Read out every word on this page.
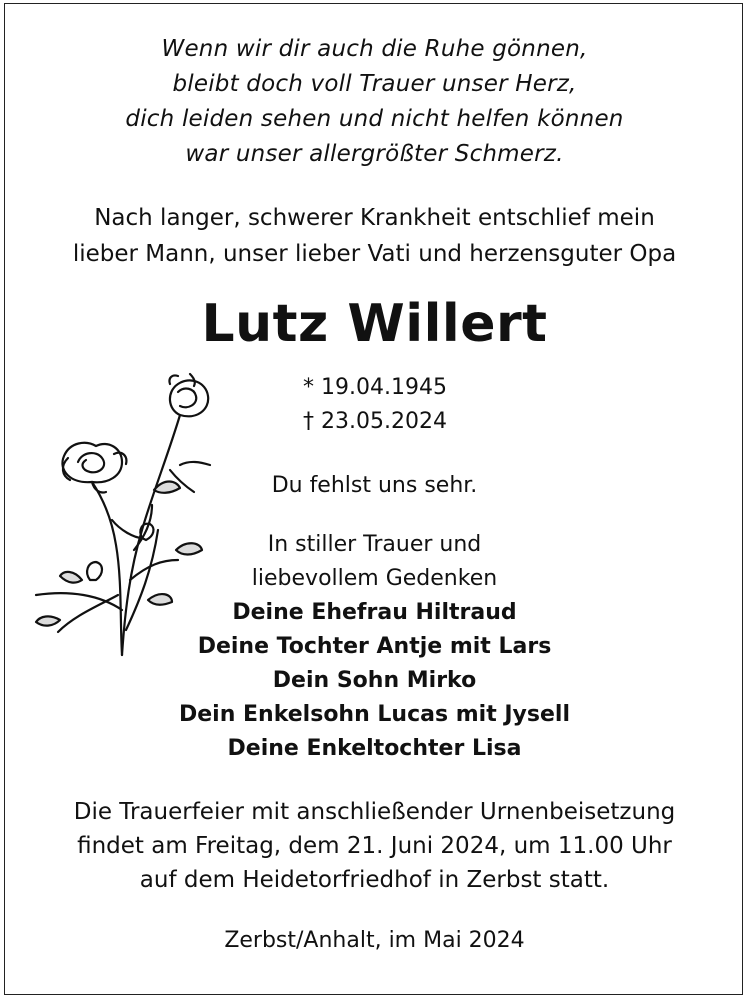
Wenn wir dir auch die Ruhe gönnen,
bleibt doch voll Trauer unser Herz,
dich leiden sehen und nicht helfen können
war unser allergrößter Schmerz.
Nach langer, schwerer Krankheit entschlief mein
lieber Mann, unser lieber Vati und herzensguter Opa
Lutz Willert
* 19.04.1945
† 23.05.2024
Du fehlst uns sehr.
In stiller Trauer und
liebevollem Gedenken
Deine Ehefrau Hiltraud
Deine Tochter Antje mit Lars
Dein Sohn Mirko
Dein Enkelsohn Lucas mit Jysell
Deine Enkeltochter Lisa
Die Trauerfeier mit anschließender Urnenbeisetzung
findet am Freitag, dem 21. Juni 2024, um 11.00 Uhr
auf dem Heidetorfriedhof in Zerbst statt.
Zerbst/Anhalt, im Mai 2024
